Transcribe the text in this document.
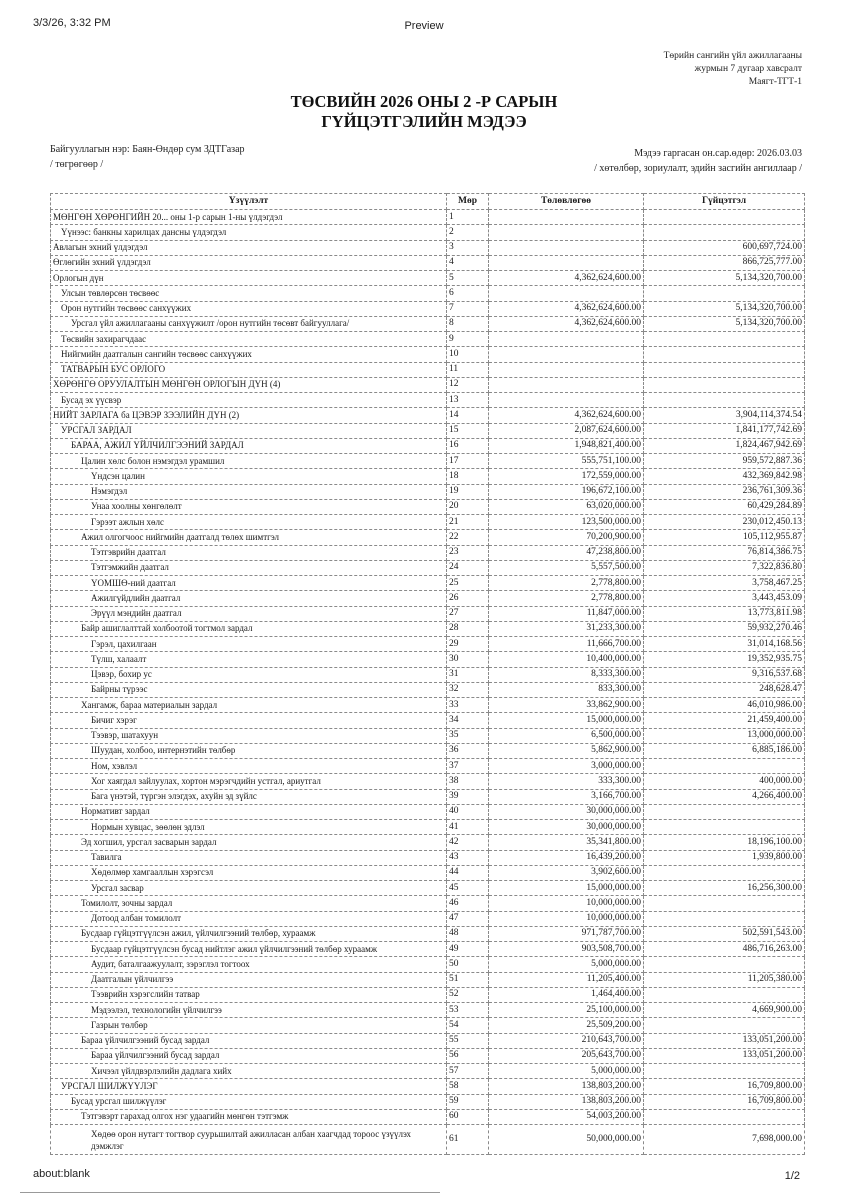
3/3/26, 3:32 PM	Preview
Төрийн сангийн үйл ажиллагааны
журмын 7 дугаар хавсралт
Маягт-ТГТ-1
ТӨСВИЙН 2026 ОНЫ 2 -Р САРЫН
ГҮЙЦЭТГЭЛИЙН МЭДЭЭ
Байгууллагын нэр: Баян-Өндөр сум ЗДТГазар
/ төгрөгөөр /
Мэдээ гаргасан он.сар.өдөр: 2026.03.03
/ хөтөлбөр, зориулалт, эдийн засгийн ангиллаар /
Үзүүлэлт	Мөр	Төлөвлөгөө	Гүйцэтгэл
МӨНГӨН ХӨРӨНГИЙН 20... оны 1-р сарын 1-ны үлдэгдэл	1		
Үүнээс: банкны харилцах дансны үлдэгдэл	2		
Авлагын эхний үлдэгдэл	3		600,697,724.00
Өглөгийн эхний үлдэгдэл	4		866,725,777.00
Орлогын дүн	5	4,362,624,600.00	5,134,320,700.00
Улсын төвлөрсөн төсвөөс	6		
Орон нутгийн төсвөөс санхүүжих	7	4,362,624,600.00	5,134,320,700.00
Урсгал үйл ажиллагааны санхүүжилт /орон нутгийн төсөвт байгууллага/	8	4,362,624,600.00	5,134,320,700.00
Төсвийн захирагчдаас	9		
Нийгмийн даатгалын сангийн төсвөөс санхүүжих	10		
ТАТВАРЫН БУС ОРЛОГО	11		
ХӨРӨНГӨ ОРУУЛАЛТЫН МӨНГӨН ОРЛОГЫН ДҮН (4)	12		
Бусад эх үүсвэр	13		
НИЙТ ЗАРЛАГА ба ЦЭВЭР ЗЭЭЛИЙН ДҮН (2)	14	4,362,624,600.00	3,904,114,374.54
УРСГАЛ ЗАРДАЛ	15	2,087,624,600.00	1,841,177,742.69
БАРАА, АЖИЛ ҮЙЛЧИЛГЭЭНИЙ ЗАРДАЛ	16	1,948,821,400.00	1,824,467,942.69
Цалин хөлс болон нэмэгдэл урамшил	17	555,751,100.00	959,572,887.36
Үндсэн цалин	18	172,559,000.00	432,369,842.98
Нэмэгдэл	19	196,672,100.00	236,761,309.36
Унаа хоолны хөнгөлөлт	20	63,020,000.00	60,429,284.89
Гэрээт ажлын хөлс	21	123,500,000.00	230,012,450.13
Ажил олгогчоос нийгмийн даатгалд төлөх шимтгэл	22	70,200,900.00	105,112,955.87
Тэтгэврийн даатгал	23	47,238,800.00	76,814,386.75
Тэтгэмжийн даатгал	24	5,557,500.00	7,322,836.80
ҮОМШӨ-ний даатгал	25	2,778,800.00	3,758,467.25
Ажилгүйдлийн даатгал	26	2,778,800.00	3,443,453.09
Эрүүл мэндийн даатгал	27	11,847,000.00	13,773,811.98
Байр ашиглалттай холбоотой тогтмол зардал	28	31,233,300.00	59,932,270.46
Гэрэл, цахилгаан	29	11,666,700.00	31,014,168.56
Түлш, халаалт	30	10,400,000.00	19,352,935.75
Цэвэр, бохир ус	31	8,333,300.00	9,316,537.68
Байрны түрээс	32	833,300.00	248,628.47
Хангамж, бараа материалын зардал	33	33,862,900.00	46,010,986.00
Бичиг хэрэг	34	15,000,000.00	21,459,400.00
Тээвэр, шатахуун	35	6,500,000.00	13,000,000.00
Шуудан, холбоо, интернэтийн төлбөр	36	5,862,900.00	6,885,186.00
Ном, хэвлэл	37	3,000,000.00	
Хог хаягдал зайлуулах, хортон мэрэгчдийн устгал, ариутгал	38	333,300.00	400,000.00
Бага үнэтэй, түргэн элэгдэх, ахуйн эд зүйлс	39	3,166,700.00	4,266,400.00
Нормативт зардал	40	30,000,000.00	
Нормын хувцас, зөөлөн эдлэл	41	30,000,000.00	
Эд хогшил, урсгал засварын зардал	42	35,341,800.00	18,196,100.00
Тавилга	43	16,439,200.00	1,939,800.00
Хөдөлмөр хамгааллын хэрэгсэл	44	3,902,600.00	
Урсгал засвар	45	15,000,000.00	16,256,300.00
Томилолт, зочны зардал	46	10,000,000.00	
Дотоод албан томилолт	47	10,000,000.00	
Бусдаар гүйцэтгүүлсэн ажил, үйлчилгээний төлбөр, хураамж	48	971,787,700.00	502,591,543.00
Бусдаар гүйцэтгүүлсэн бусад нийтлэг ажил үйлчилгээний төлбөр хураамж	49	903,508,700.00	486,716,263.00
Аудит, баталгаажуулалт, зэрэглэл тогтоох	50	5,000,000.00	
Даатгалын үйлчилгээ	51	11,205,400.00	11,205,380.00
Тээврийн хэрэгслийн татвар	52	1,464,400.00	
Мэдээлэл, технологийн үйлчилгээ	53	25,100,000.00	4,669,900.00
Газрын төлбөр	54	25,509,200.00	
Бараа үйлчилгээний бусад зардал	55	210,643,700.00	133,051,200.00
Бараа үйлчилгээний бусад зардал	56	205,643,700.00	133,051,200.00
Хичээл үйлдвэрлэлийн дадлага хийх	57	5,000,000.00	
УРСГАЛ ШИЛЖҮҮЛЭГ	58	138,803,200.00	16,709,800.00
Бусад урсгал шилжүүлэг	59	138,803,200.00	16,709,800.00
Тэтгэвэрт гарахад олгох нэг удаагийн мөнгөн тэтгэмж	60	54,003,200.00	
Хөдөө орон нутагт тогтвор суурьшилтай ажилласан албан хаагчдад тороос үзүүлэх дэмжлэг	61	50,000,000.00	7,698,000.00
about:blank	1/2
